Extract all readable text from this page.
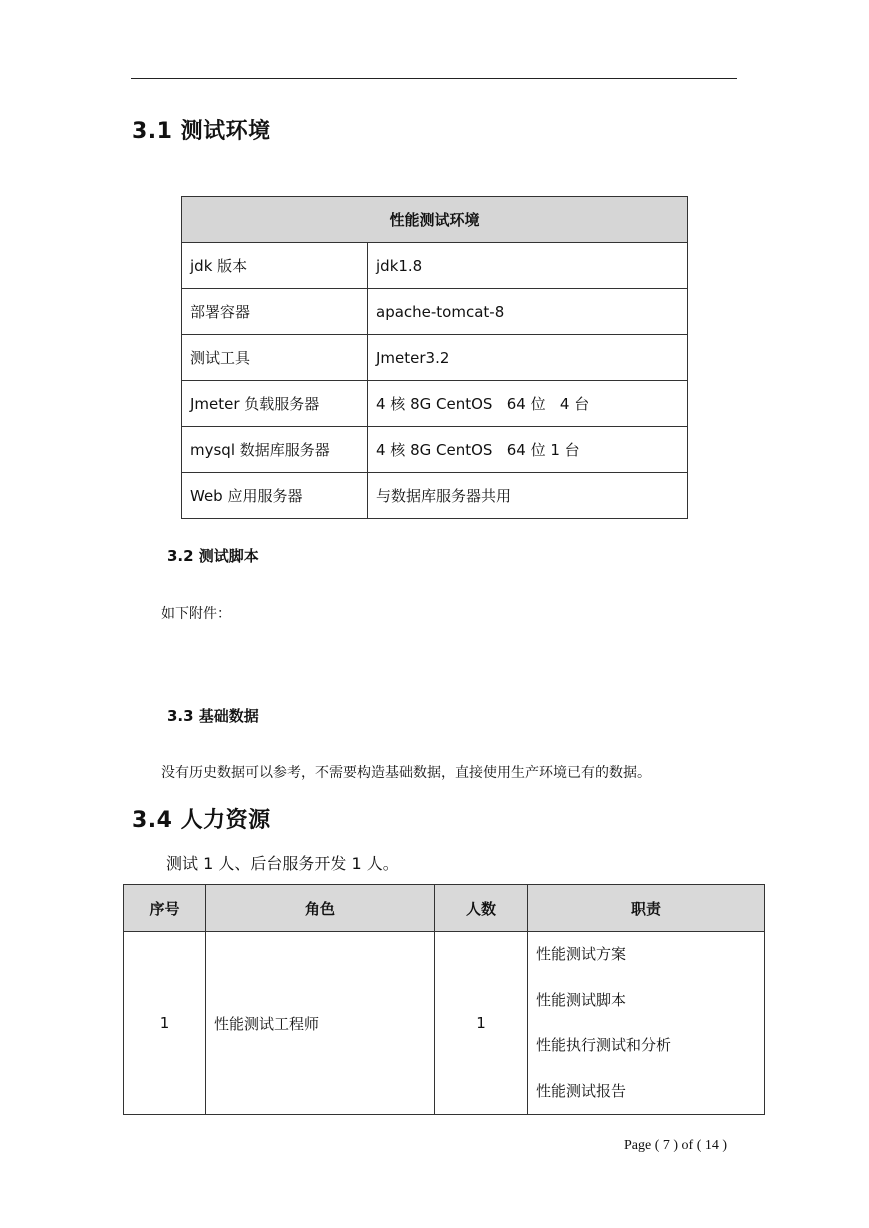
3.1 测试环境
性能测试环境	
jdk 版本	jdk1.8
部署容器	apache-tomcat-8
测试工具	Jmeter3.2
Jmeter 负载服务器	4 核 8G CentOS   64 位   4 台
mysql 数据库服务器	4 核 8G CentOS   64 位 1 台
Web 应用服务器	与数据库服务器共用
3.2 测试脚本
如下附件：
3.3 基础数据
没有历史数据可以参考，不需要构造基础数据，直接使用生产环境已有的数据。
3.4 人力资源
测试 1 人、后台服务开发 1 人。
序号	角色	人数	职责
1	性能测试工程师	1	性能测试方案
性能测试脚本
性能执行测试和分析
性能测试报告
Page ( 7 ) of ( 14 )
